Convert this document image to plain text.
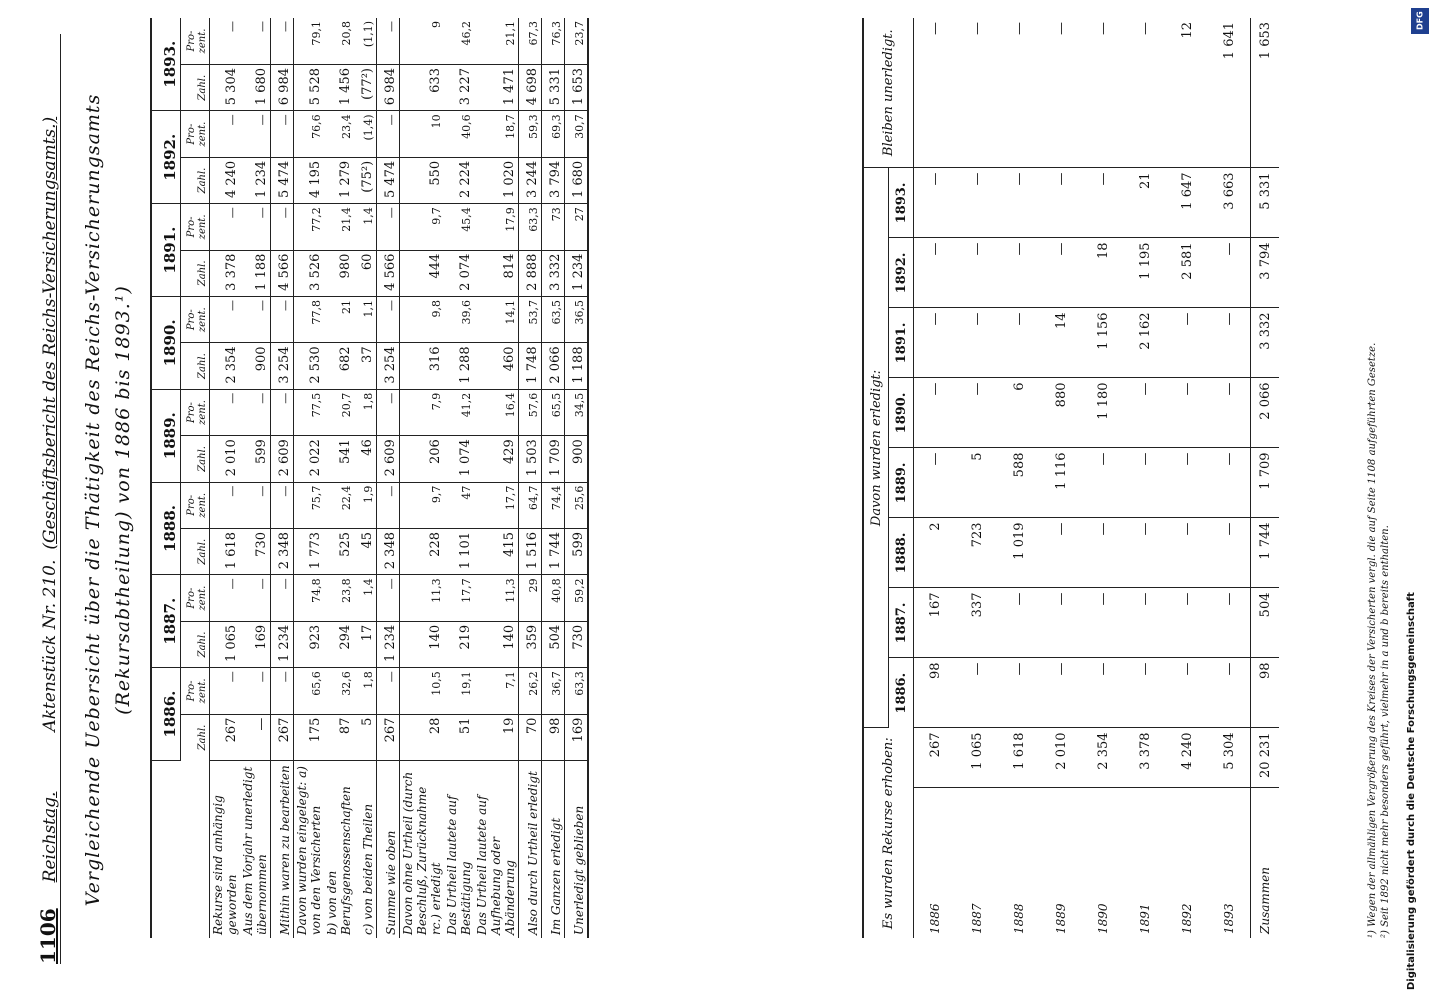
1106
Reichstag.
Aktenstück Nr. 210.
(Geschäftsbericht des Reichs-Versicherungsamts.) Vergleichende Uebersicht über die Thätigkeit des Reichs-Versicherungsamts (Rekursabtheilung) von 1886 bis 1893.¹)
	1886.		1887.		1888.		1889.		1890.		1891.		1892.		1893.	
	Zahl.	Pro-zent.	Zahl.	Pro-zent.	Zahl.	Pro-zent.	Zahl.	Pro-zent.	Zahl.	Pro-zent.	Zahl.	Pro-zent.	Zahl.	Pro-zent.	Zahl.	Pro-zent.
Rekurse sind anhängig geworden	267	—	1 065	—	1 618	—	2 010	—	2 354	—	3 378	—	4 240	—	5 304	—
Aus dem Vorjahr unerledigt übernommen	—	—	169	—	730	—	599	—	900	—	1 188	—	1 234	—	1 680	—
Mithin waren zu bearbeiten	267	—	1 234	—	2 348	—	2 609	—	3 254	—	4 566	—	5 474	—	6 984	—
Davon wurden eingelegt: a) von den Versicherten	175	65,6	923	74,8	1 773	75,7	2 022	77,5	2 530	77,8	3 526	77,2	4 195	76,6	5 528	79,1
b) von den Berufsgenossenschaften	87	32,6	294	23,8	525	22,4	541	20,7	682	21	980	21,4	1 279	23,4	1 456	20,8
c) von beiden Theilen	5	1,8	17	1,4	45	1,9	46	1,8	37	1,1	60	1,4	(75²)	(1,4)	(77²)	(1,1)
Summe wie oben	267	—	1 234	—	2 348	—	2 609	—	3 254	—	4 566	—	5 474	—	6 984	—
Davon ohne Urtheil (durch Beschluß, Zurücknahme rc.) erledigt	28	10,5	140	11,3	228	9,7	206	7,9	316	9,8	444	9,7	550	10	633	9
Das Urtheil lautete auf Bestätigung	51	19,1	219	17,7	1 101	47	1 074	41,2	1 288	39,6	2 074	45,4	2 224	40,6	3 227	46,2
Das Urtheil lautete auf Aufhebung oder Abänderung	19	7,1	140	11,3	415	17,7	429	16,4	460	14,1	814	17,9	1 020	18,7	1 471	21,1
Also durch Urtheil erledigt	70	26,2	359	29	1 516	64,7	1 503	57,6	1 748	53,7	2 888	63,3	3 244	59,3	4 698	67,3
Im Ganzen erledigt	98	36,7	504	40,8	1 744	74,4	1 709	65,5	2 066	63,5	3 332	73	3 794	69,3	5 331	76,3
Unerledigt geblieben	169	63,3	730	59,2	599	25,6	900	34,5	1 188	36,5	1 234	27	1 680	30,7	1 653	23,7
Es wurden Rekurse erhoben:		Davon wurden erledigt:								Bleiben unerledigt.
		1886.	1887.	1888.	1889.	1890.	1891.	1892.	1893.	
1886	267	98	167	2	—	—	—	—	—	—
1887	1 065	—	337	723	5	—	—	—	—	—
1888	1 618	—	—	1 019	588	6	—	—	—	—
1889	2 010	—	—	—	1 116	880	14	—	—	—
1890	2 354	—	—	—	—	1 180	1 156	18	—	—
1891	3 378	—	—	—	—	—	2 162	1 195	21	—
1892	4 240	—	—	—	—	—	—	2 581	1 647	12
1893	5 304	—	—	—	—	—	—	—	3 663	1 641
Zusammen	20 231	98	504	1 744	1 709	2 066	3 332	3 794	5 331	1 653
¹) Wegen der allmähligen Vergrößerung des Kreises der Versicherten vergl. die auf Seite 1108 aufgeführten Gesetze. ²) Seit 1892 nicht mehr besonders geführt, vielmehr in a und b bereits enthalten. Digitalisierung gefördert durch die Deutsche Forschungsgemeinschaft
DFG
